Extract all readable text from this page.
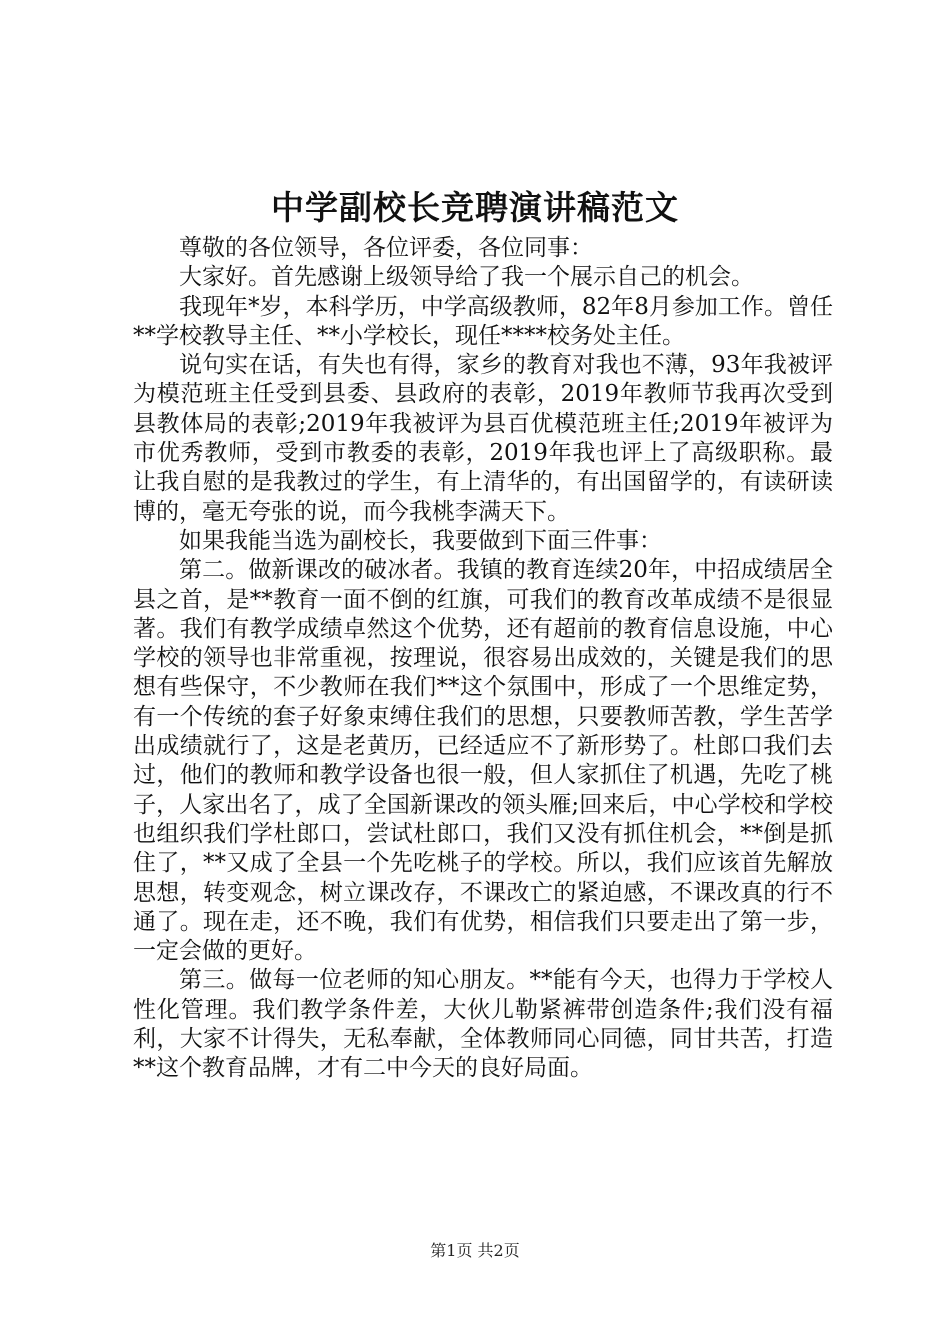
中学副校长竞聘演讲稿范文

尊敬的各位领导，各位评委，各位同事：

大家好。首先感谢上级领导给了我一个展示自己的机会。

我现年*岁，本科学历，中学高级教师，82年8月参加工作。曾任**学校教导主任、**小学校长，现任****校务处主任。

说句实在话，有失也有得，家乡的教育对我也不薄，93年我被评为模范班主任受到县委、县政府的表彰，2019年教师节我再次受到县教体局的表彰;2019年我被评为县百优模范班主任;2019年被评为市优秀教师，受到市教委的表彰，2019年我也评上了高级职称。最让我自慰的是我教过的学生，有上清华的，有出国留学的，有读研读博的，毫无夸张的说，而今我桃李满天下。

如果我能当选为副校长，我要做到下面三件事：

第二。做新课改的破冰者。我镇的教育连续20年，中招成绩居全县之首，是**教育一面不倒的红旗，可我们的教育改革成绩不是很显著。我们有教学成绩卓然这个优势，还有超前的教育信息设施，中心学校的领导也非常重视，按理说，很容易出成效的，关键是我们的思想有些保守，不少教师在我们**这个氛围中，形成了一个思维定势，有一个传统的套子好象束缚住我们的思想，只要教师苦教，学生苦学出成绩就行了，这是老黄历，已经适应不了新形势了。杜郎口我们去过，他们的教师和教学设备也很一般，但人家抓住了机遇，先吃了桃子，人家出名了，成了全国新课改的领头雁;回来后，中心学校和学校也组织我们学杜郎口，尝试杜郎口，我们又没有抓住机会，**倒是抓住了，**又成了全县一个先吃桃子的学校。所以，我们应该首先解放思想，转变观念，树立课改存，不课改亡的紧迫感，不课改真的行不通了。现在走，还不晚，我们有优势，相信我们只要走出了第一步，一定会做的更好。

第三。做每一位老师的知心朋友。**能有今天，也得力于学校人性化管理。我们教学条件差，大伙儿勒紧裤带创造条件;我们没有福利，大家不计得失，无私奉献，全体教师同心同德，同甘共苦，打造**这个教育品牌，才有二中今天的良好局面。

第1页 共2页
